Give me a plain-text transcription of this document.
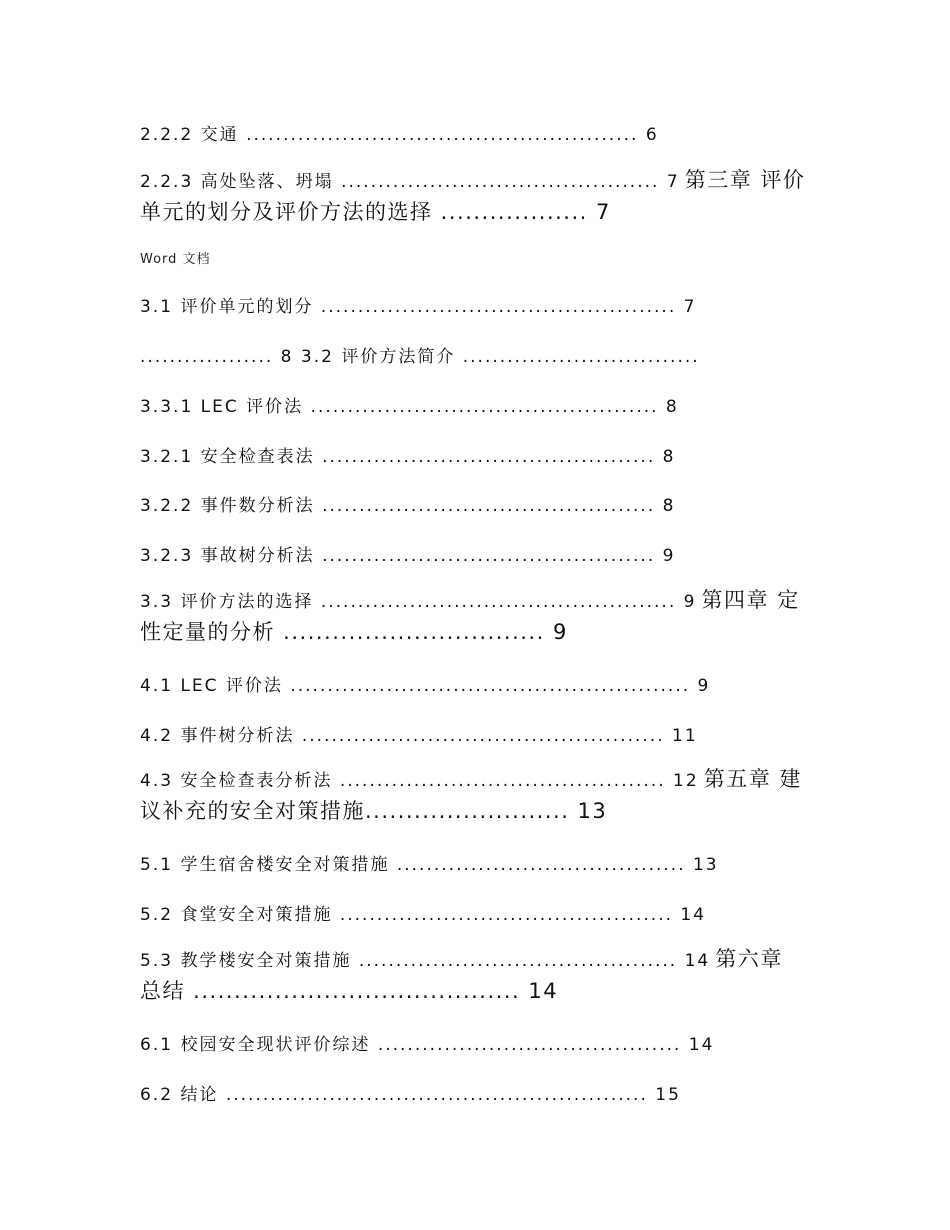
2.2.2 交通 ..................................................... 6
2.2.3 高处坠落、坍塌 ........................................... 7 第三章 评价
单元的划分及评价方法的选择 .................. 7
Word 文档
3.1 评价单元的划分 ................................................ 7
.................. 8 3.2 评价方法简介 ................................
3.3.1 LEC 评价法 ............................................... 8
3.2.1 安全检查表法 ............................................. 8
3.2.2 事件数分析法 ............................................. 8
3.2.3 事故树分析法 ............................................. 9
3.3 评价方法的选择 ................................................ 9 第四章 定
性定量的分析 ................................ 9
4.1 LEC 评价法 ...................................................... 9
4.2 事件树分析法 ................................................. 11
4.3 安全检查表分析法 ............................................ 12 第五章 建
议补充的安全对策措施......................... 13
5.1 学生宿舍楼安全对策措施 ....................................... 13
5.2 食堂安全对策措施 ............................................. 14
5.3 教学楼安全对策措施 ........................................... 14 第六章
总结 ........................................ 14
6.1 校园安全现状评价综述 ......................................... 14
6.2 结论 ......................................................... 15
